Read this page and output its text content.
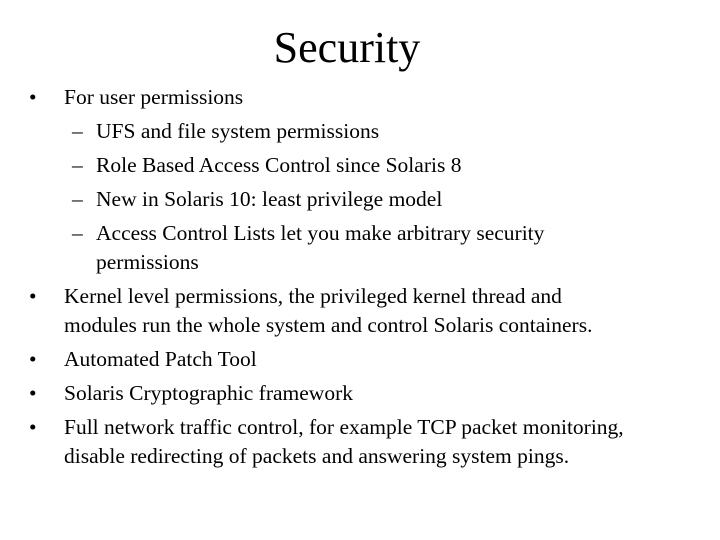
Security
• For user permissions
– UFS and file system permissions
– Role Based Access Control since Solaris 8
– New in Solaris 10: least privilege model
– Access Control Lists let you make arbitrary security permissions
• Kernel level permissions, the privileged kernel thread and modules run the whole system and control Solaris containers.
• Automated Patch Tool
• Solaris Cryptographic framework
• Full network traffic control, for example TCP packet monitoring, disable redirecting of packets and answering system pings.
